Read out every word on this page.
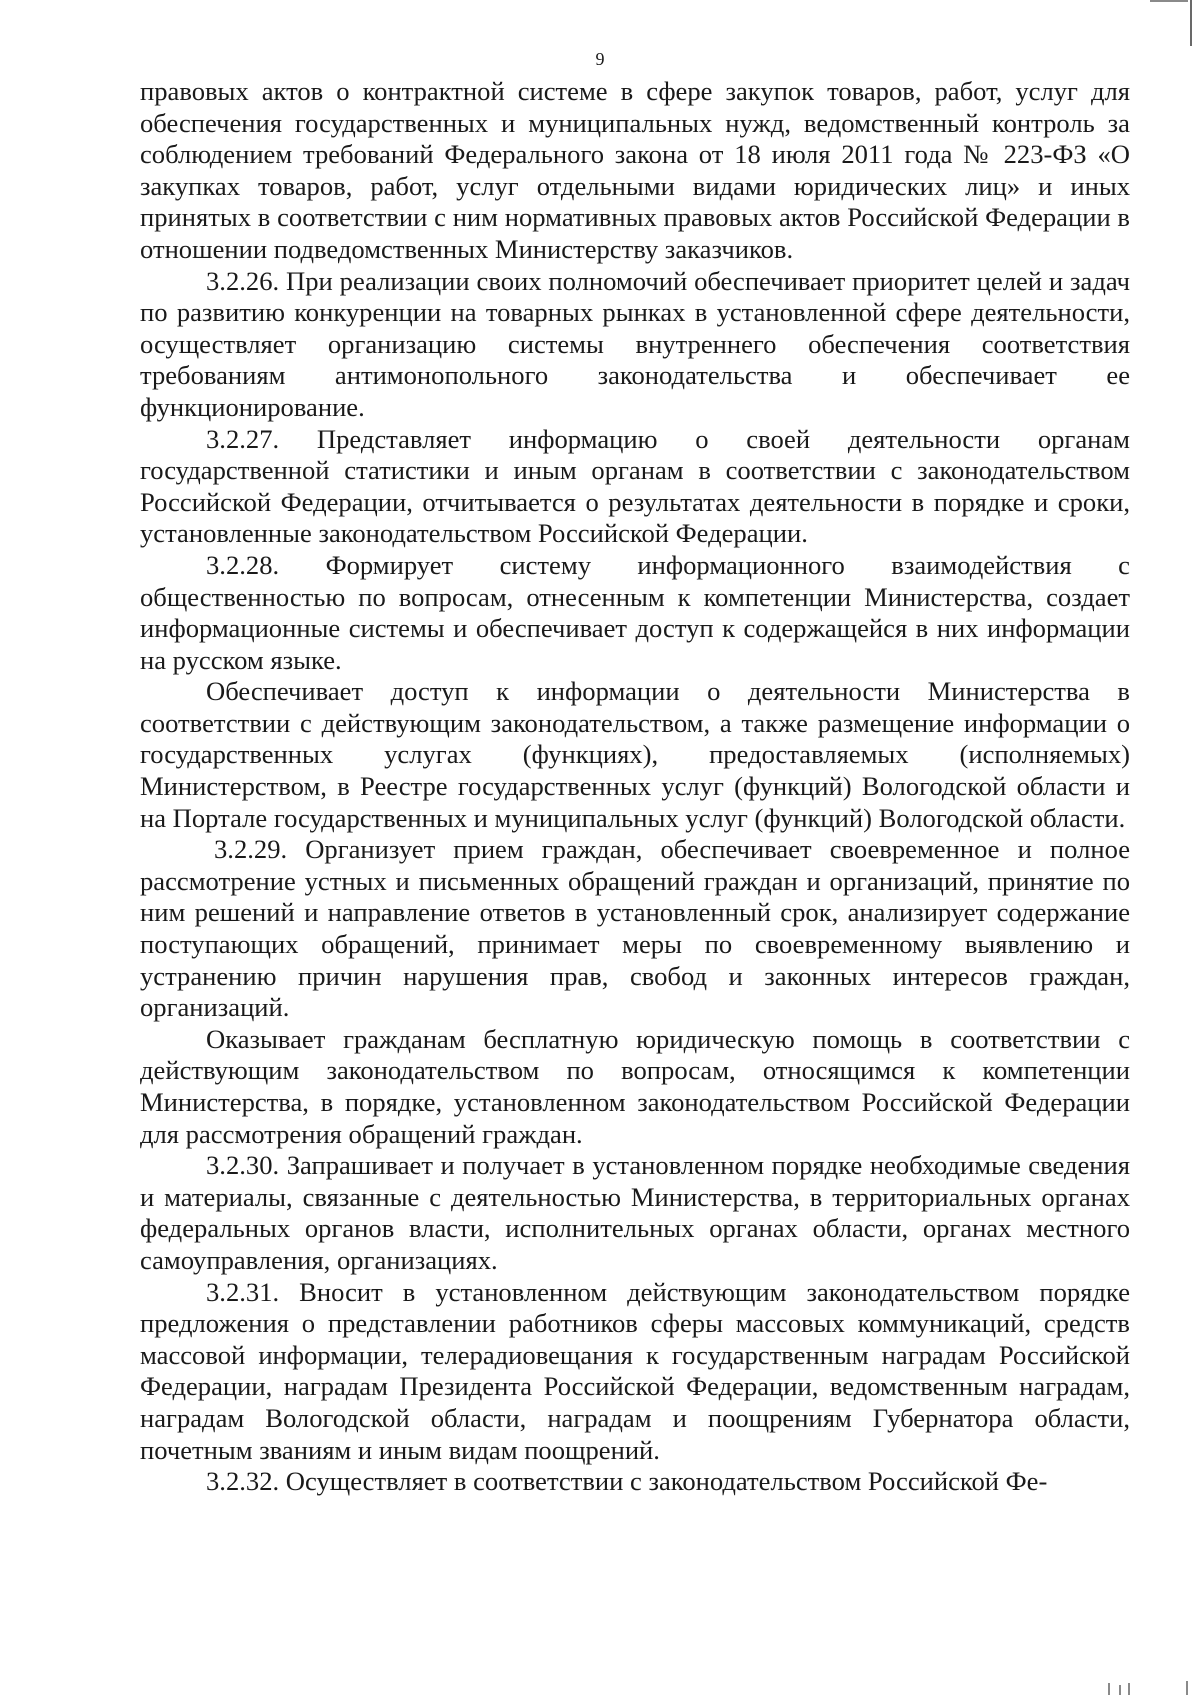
9

правовых актов о контрактной системе в сфере закупок товаров, работ, услуг для обеспечения государственных и муниципальных нужд, ведомственный контроль за соблюдением требований Федерального закона от 18 июля 2011 года № 223-ФЗ «О закупках товаров, работ, услуг отдельными видами юридических лиц» и иных принятых в соответствии с ним нормативных правовых актов Российской Федерации в отношении подведомственных Министерству заказчиков.

3.2.26. При реализации своих полномочий обеспечивает приоритет целей и задач по развитию конкуренции на товарных рынках в установленной сфере деятельности, осуществляет организацию системы внутреннего обеспечения соответствия требованиям антимонопольного законодательства и обеспечивает ее функционирование.

3.2.27. Представляет информацию о своей деятельности органам государственной статистики и иным органам в соответствии с законодательством Российской Федерации, отчитывается о результатах деятельности в порядке и сроки, установленные законодательством Российской Федерации.

3.2.28. Формирует систему информационного взаимодействия с общественностью по вопросам, отнесенным к компетенции Министерства, создает информационные системы и обеспечивает доступ к содержащейся в них информации на русском языке.

Обеспечивает доступ к информации о деятельности Министерства в соответствии с действующим законодательством, а также размещение информации о государственных услугах (функциях), предоставляемых (исполняемых) Министерством, в Реестре государственных услуг (функций) Вологодской области и на Портале государственных и муниципальных услуг (функций) Вологодской области.

3.2.29. Организует прием граждан, обеспечивает своевременное и полное рассмотрение устных и письменных обращений граждан и организаций, принятие по ним решений и направление ответов в установленный срок, анализирует содержание поступающих обращений, принимает меры по своевременному выявлению и устранению причин нарушения прав, свобод и законных интересов граждан, организаций.

Оказывает гражданам бесплатную юридическую помощь в соответствии с действующим законодательством по вопросам, относящимся к компетенции Министерства, в порядке, установленном законодательством Российской Федерации для рассмотрения обращений граждан.

3.2.30. Запрашивает и получает в установленном порядке необходимые сведения и материалы, связанные с деятельностью Министерства, в территориальных органах федеральных органов власти, исполнительных органах области, органах местного самоуправления, организациях.

3.2.31. Вносит в установленном действующим законодательством порядке предложения о представлении работников сферы массовых коммуникаций, средств массовой информации, телерадиовещания к государственным наградам Российской Федерации, наградам Президента Российской Федерации, ведомственным наградам, наградам Вологодской области, наградам и поощрениям Губернатора области, почетным званиям и иным видам поощрений.

3.2.32. Осуществляет в соответствии с законодательством Российской Фе-
